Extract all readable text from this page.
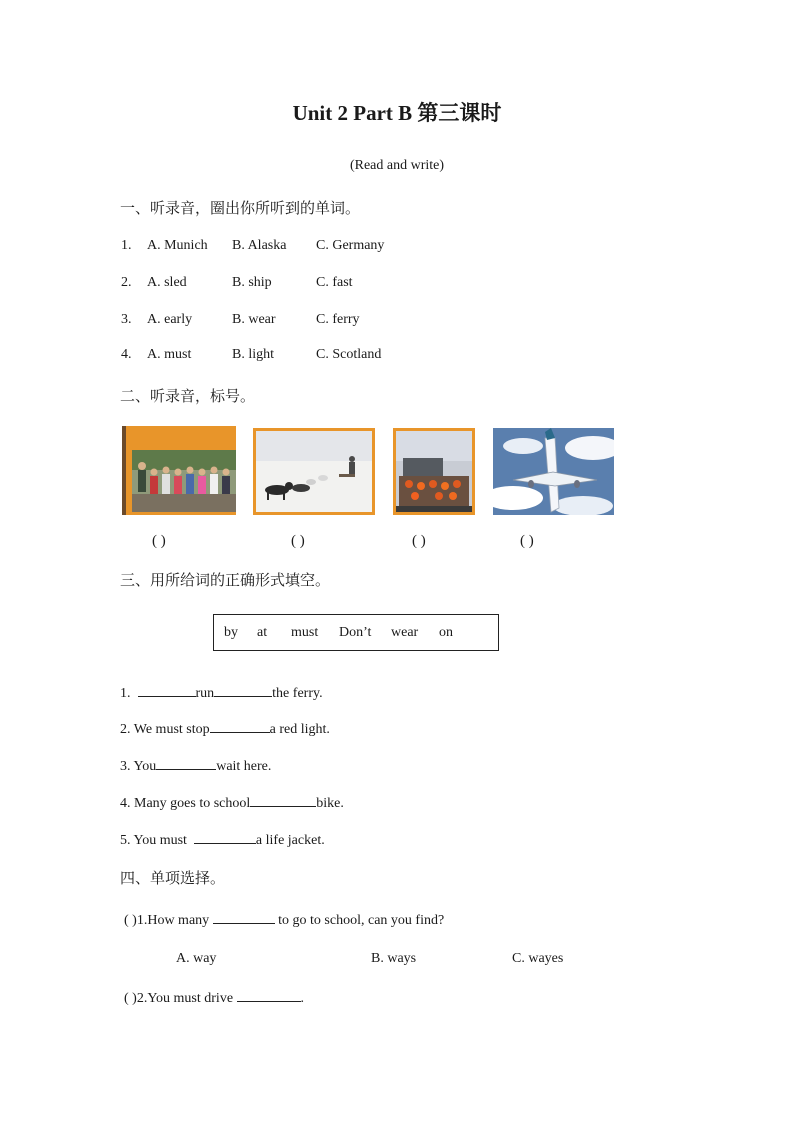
Unit 2 Part B 第三课时
(Read and write)
一、听录音，圈出你所听到的单词。
1. A. Munich B. Alaska C. Germany
2. A. sled	B. ship	C. fast
3. A. early	B. wear	C. ferry
4. A. must	B. light	C. Scotland
二、听录音，标号。
( )	( )	( )	( )
三、用所给词的正确形式填空。
by at must Don’t wear on
1.	run	the ferry.
2. We must stop	a red light.
3. You	wait here.
4. Many goes to school	bike.
5. You must	a life jacket.
四、单项选择。
( )1.How many	to go to school, can you find?
A. way	B. ways	C. wayes
( )2.You must drive	.
